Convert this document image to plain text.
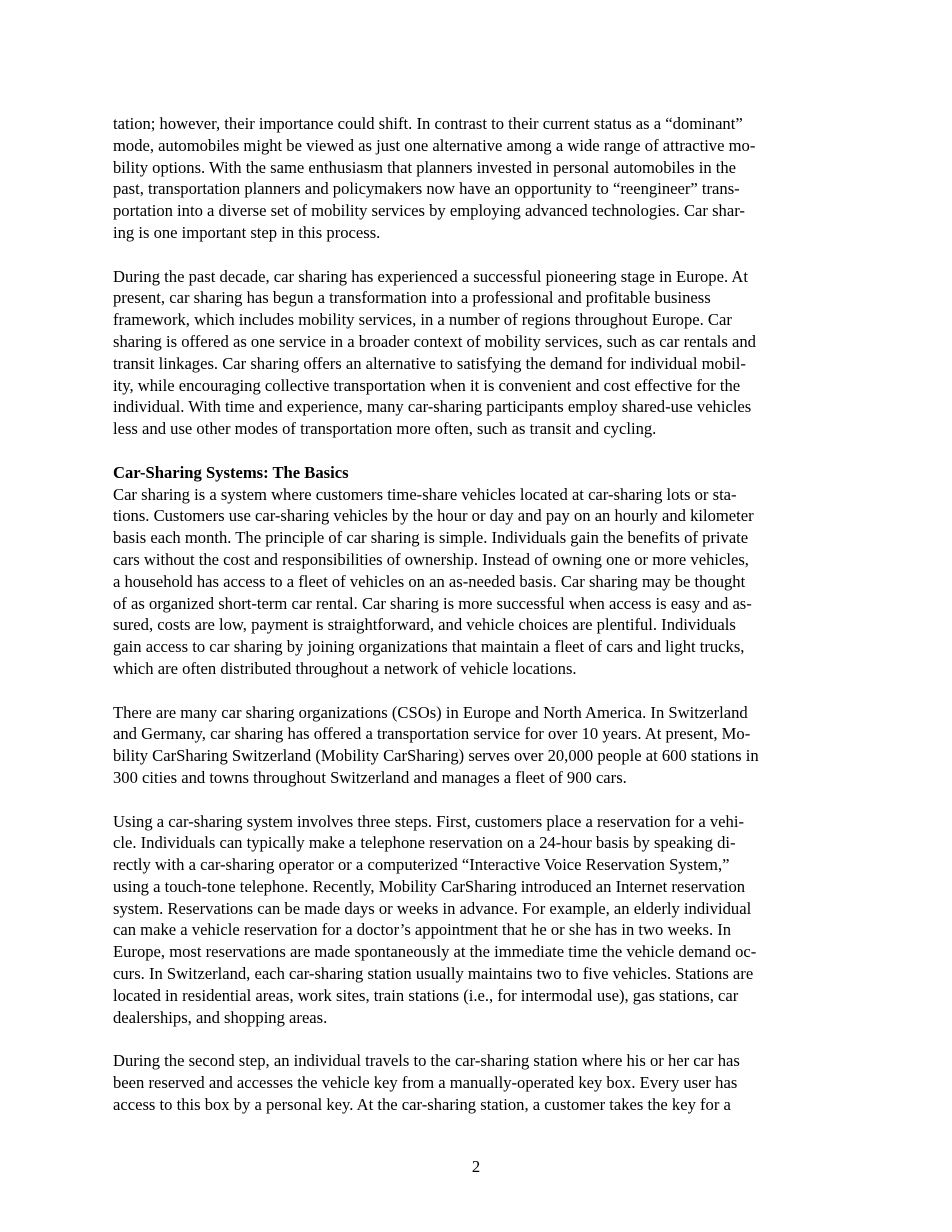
tation; however, their importance could shift. In contrast to their current status as a “dominant”
mode, automobiles might be viewed as just one alternative among a wide range of attractive mo-
bility options. With the same enthusiasm that planners invested in personal automobiles in the
past, transportation planners and policymakers now have an opportunity to “reengineer” trans-
portation into a diverse set of mobility services by employing advanced technologies. Car shar-
ing is one important step in this process.

During the past decade, car sharing has experienced a successful pioneering stage in Europe. At
present, car sharing has begun a transformation into a professional and profitable business
framework, which includes mobility services, in a number of regions throughout Europe. Car
sharing is offered as one service in a broader context of mobility services, such as car rentals and
transit linkages. Car sharing offers an alternative to satisfying the demand for individual mobil-
ity, while encouraging collective transportation when it is convenient and cost effective for the
individual. With time and experience, many car-sharing participants employ shared-use vehicles
less and use other modes of transportation more often, such as transit and cycling.

Car-Sharing Systems: The Basics

Car sharing is a system where customers time-share vehicles located at car-sharing lots or sta-
tions. Customers use car-sharing vehicles by the hour or day and pay on an hourly and kilometer
basis each month. The principle of car sharing is simple. Individuals gain the benefits of private
cars without the cost and responsibilities of ownership. Instead of owning one or more vehicles,
a household has access to a fleet of vehicles on an as-needed basis. Car sharing may be thought
of as organized short-term car rental. Car sharing is more successful when access is easy and as-
sured, costs are low, payment is straightforward, and vehicle choices are plentiful. Individuals
gain access to car sharing by joining organizations that maintain a fleet of cars and light trucks,
which are often distributed throughout a network of vehicle locations.

There are many car sharing organizations (CSOs) in Europe and North America. In Switzerland
and Germany, car sharing has offered a transportation service for over 10 years. At present, Mo-
bility CarSharing Switzerland (Mobility CarSharing) serves over 20,000 people at 600 stations in
300 cities and towns throughout Switzerland and manages a fleet of 900 cars.

Using a car-sharing system involves three steps. First, customers place a reservation for a vehi-
cle. Individuals can typically make a telephone reservation on a 24-hour basis by speaking di-
rectly with a car-sharing operator or a computerized “Interactive Voice Reservation System,”
using a touch-tone telephone. Recently, Mobility CarSharing introduced an Internet reservation
system. Reservations can be made days or weeks in advance. For example, an elderly individual
can make a vehicle reservation for a doctor’s appointment that he or she has in two weeks. In
Europe, most reservations are made spontaneously at the immediate time the vehicle demand oc-
curs. In Switzerland, each car-sharing station usually maintains two to five vehicles. Stations are
located in residential areas, work sites, train stations (i.e., for intermodal use), gas stations, car
dealerships, and shopping areas.

During the second step, an individual travels to the car-sharing station where his or her car has
been reserved and accesses the vehicle key from a manually-operated key box. Every user has
access to this box by a personal key. At the car-sharing station, a customer takes the key for a

2
